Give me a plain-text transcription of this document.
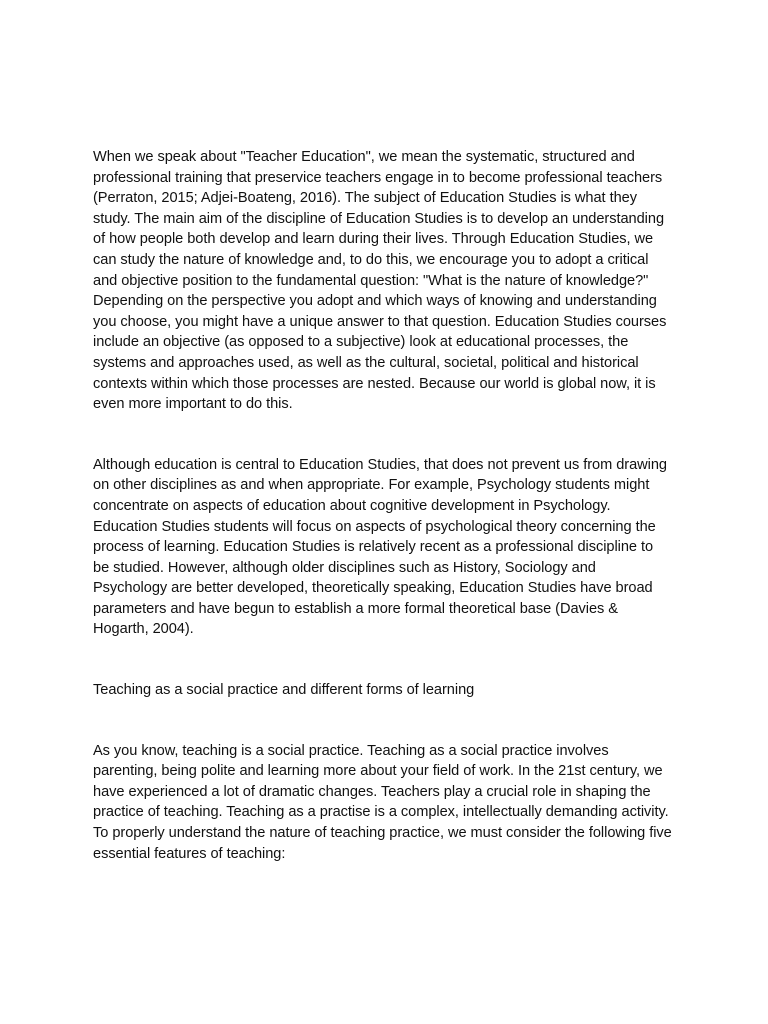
When we speak about "Teacher Education", we mean the systematic, structured and professional training that preservice teachers engage in to become professional teachers (Perraton, 2015; Adjei-Boateng, 2016). The subject of Education Studies is what they study. The main aim of the discipline of Education Studies is to develop an understanding of how people both develop and learn during their lives. Through Education Studies, we can study the nature of knowledge and, to do this, we encourage you to adopt a critical and objective position to the fundamental question: "What is the nature of knowledge?" Depending on the perspective you adopt and which ways of knowing and understanding you choose, you might have a unique answer to that question. Education Studies courses include an objective (as opposed to a subjective) look at educational processes, the systems and approaches used, as well as the cultural, societal, political and historical contexts within which those processes are nested. Because our world is global now, it is even more important to do this.

Although education is central to Education Studies, that does not prevent us from drawing on other disciplines as and when appropriate. For example, Psychology students might concentrate on aspects of education about cognitive development in Psychology. Education Studies students will focus on aspects of psychological theory concerning the process of learning. Education Studies is relatively recent as a professional discipline to be studied. However, although older disciplines such as History, Sociology and Psychology are better developed, theoretically speaking, Education Studies have broad parameters and have begun to establish a more formal theoretical base (Davies & Hogarth, 2004).

Teaching as a social practice and different forms of learning

As you know, teaching is a social practice. Teaching as a social practice involves parenting, being polite and learning more about your field of work. In the 21st century, we have experienced a lot of dramatic changes. Teachers play a crucial role in shaping the practice of teaching. Teaching as a practise is a complex, intellectually demanding activity. To properly understand the nature of teaching practice, we must consider the following five essential features of teaching:
